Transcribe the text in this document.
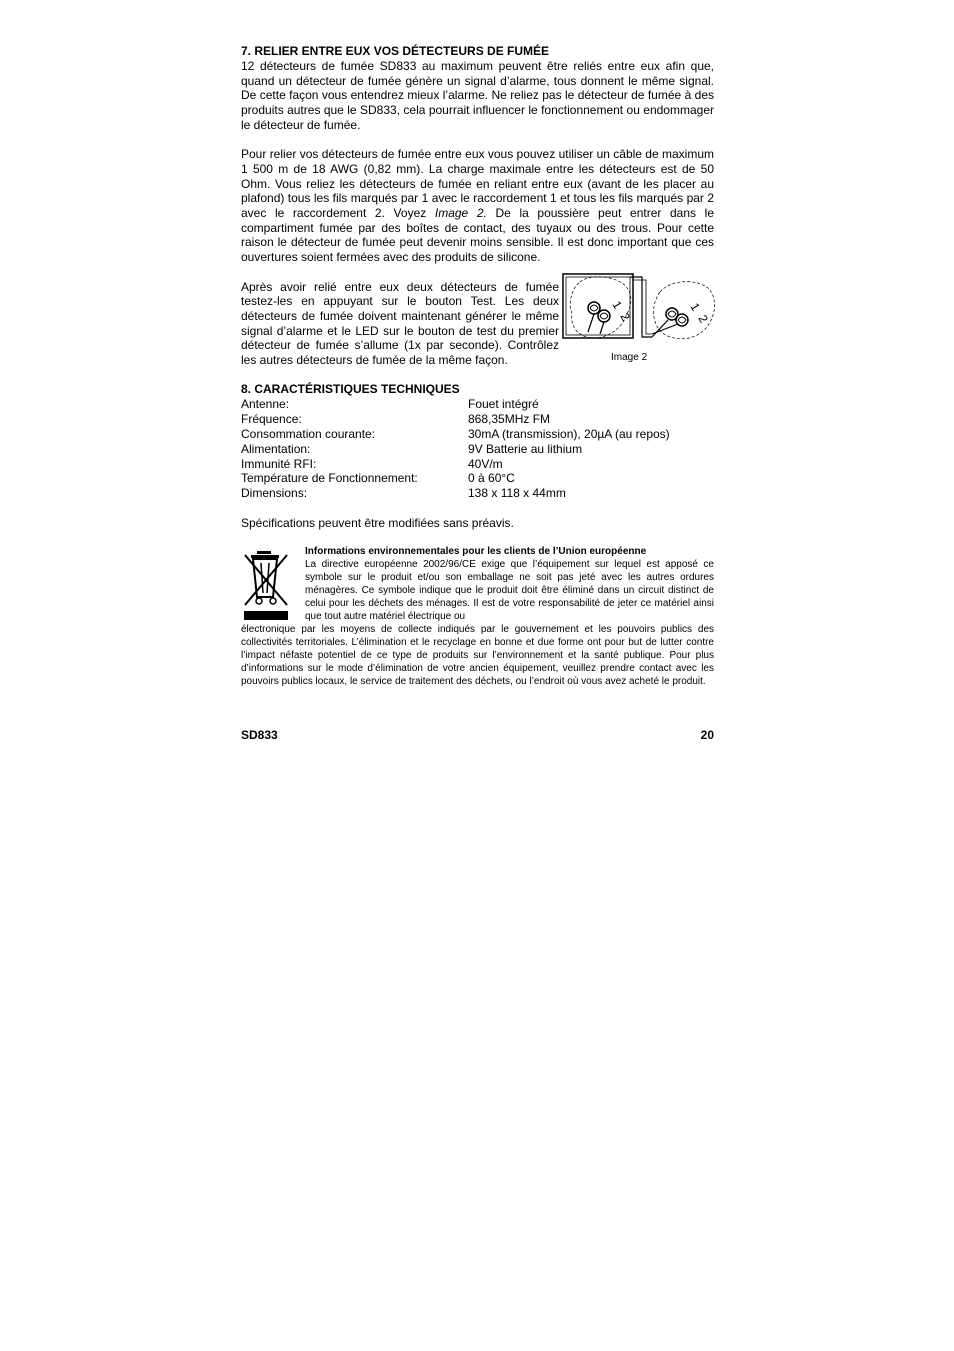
7. RELIER ENTRE EUX VOS DÉTECTEURS DE FUMÉE

12 détecteurs de fumée SD833 au maximum peuvent être reliés entre eux afin que, quand un détecteur de fumée génère un signal d’alarme, tous donnent le même signal. De cette façon vous entendrez mieux l’alarme. Ne reliez pas le détecteur de fumée à des produits autres que le SD833, cela pourrait influencer le fonctionnement ou endommager le détecteur de fumée.

Pour relier vos détecteurs de fumée entre eux vous pouvez utiliser un câble de maximum 1 500 m de 18 AWG (0,82 mm). La charge maximale entre les détecteurs est de 50 Ohm. Vous reliez les détecteurs de fumée en reliant entre eux (avant de les placer au plafond) tous les fils marqués par 1 avec le raccordement 1 et tous les fils marqués par 2 avec le raccordement 2. Voyez Image 2. De la poussière peut entrer dans le compartiment fumée par des boîtes de contact, des tuyaux ou des trous. Pour cette raison le détecteur de fumée peut devenir moins sensible. Il est donc important que ces ouvertures soient fermées avec des produits de silicone.

Après avoir relié entre eux deux détecteurs de fumée testez-les en appuyant sur le bouton Test. Les deux détecteurs de fumée doivent maintenant générer le même signal d’alarme et le LED sur le bouton de test du premier détecteur de fumée s’allume (1x par seconde). Contrôlez les autres détecteurs de fumée de la même façon.

1
2
1
2
Image 2
8. CARACTÉRISTIQUES TECHNIQUES
Antenne:	Fouet intégré
Fréquence:	868,35MHz FM
Consommation courante:	30mA (transmission), 20µA (au repos)
Alimentation:	9V Batterie au lithium
Immunité RFI:	40V/m
Température de Fonctionnement:	0 à 60°C
Dimensions:	138 x 118 x 44mm

Spécifications peuvent être modifiées sans préavis.

Informations environnementales pour les clients de l’Union européenne
La directive européenne 2002/96/CE exige que l’équipement sur lequel est apposé ce symbole sur le produit et/ou son emballage ne soit pas jeté avec les autres ordures ménagères. Ce symbole indique que le produit doit être éliminé dans un circuit distinct de celui pour les déchets des ménages. Il est de votre responsabilité de jeter ce matériel ainsi que tout autre matériel électrique ou
électronique par les moyens de collecte indiqués par le gouvernement et les pouvoirs publics des collectivités territoriales. L’élimination et le recyclage en bonne et due forme ont pour but de lutter contre l’impact néfaste potentiel de ce type de produits sur l’environnement et la santé publique. Pour plus d’informations sur le mode d’élimination de votre ancien équipement, veuillez prendre contact avec les pouvoirs publics locaux, le service de traitement des déchets, ou l’endroit où vous avez acheté le produit.
SD833	20
